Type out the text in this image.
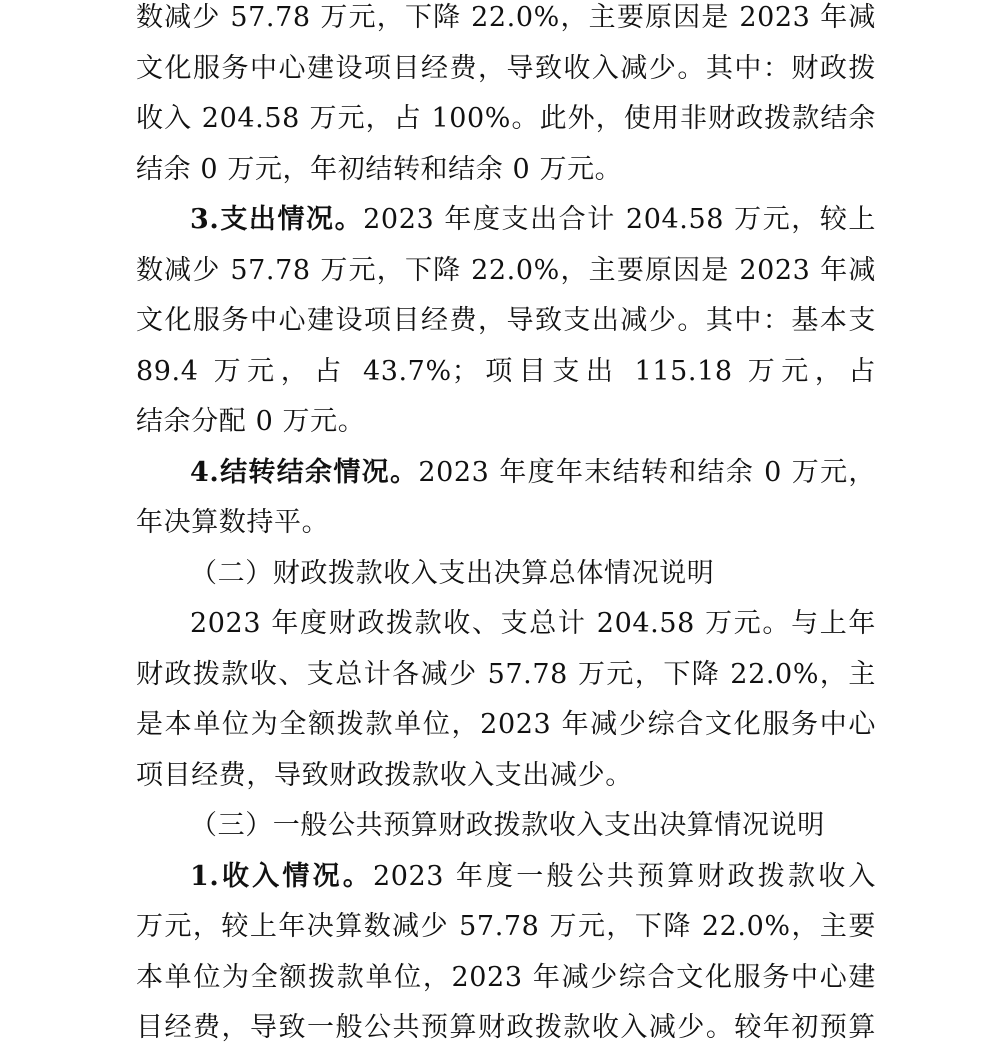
数减少 57.78 万元，下降 22.0%，主要原因是 2023 年减
文化服务中心建设项目经费，导致收入减少。其中：财政拨
收入 204.58 万元，占 100%。此外，使用非财政拨款结余
结余 0 万元，年初结转和结余 0 万元。
3.支出情况。2023 年度支出合计 204.58 万元，较上
数减少 57.78 万元，下降 22.0%，主要原因是 2023 年减
文化服务中心建设项目经费，导致支出减少。其中：基本支
89.4 万元，占 43.7%；项目支出 115.18 万元，占
结余分配 0 万元。
4.结转结余情况。2023 年度年末结转和结余 0 万元，
年决算数持平。
（二）财政拨款收入支出决算总体情况说明
2023 年度财政拨款收、支总计 204.58 万元。与上年
财政拨款收、支总计各减少 57.78 万元，下降 22.0%，主
是本单位为全额拨款单位，2023 年减少综合文化服务中心
项目经费，导致财政拨款收入支出减少。
（三）一般公共预算财政拨款收入支出决算情况说明
1.收入情况。2023 年度一般公共预算财政拨款收入
万元，较上年决算数减少 57.78 万元，下降 22.0%，主要
本单位为全额拨款单位，2023 年减少综合文化服务中心建
目经费，导致一般公共预算财政拨款收入减少。较年初预算
